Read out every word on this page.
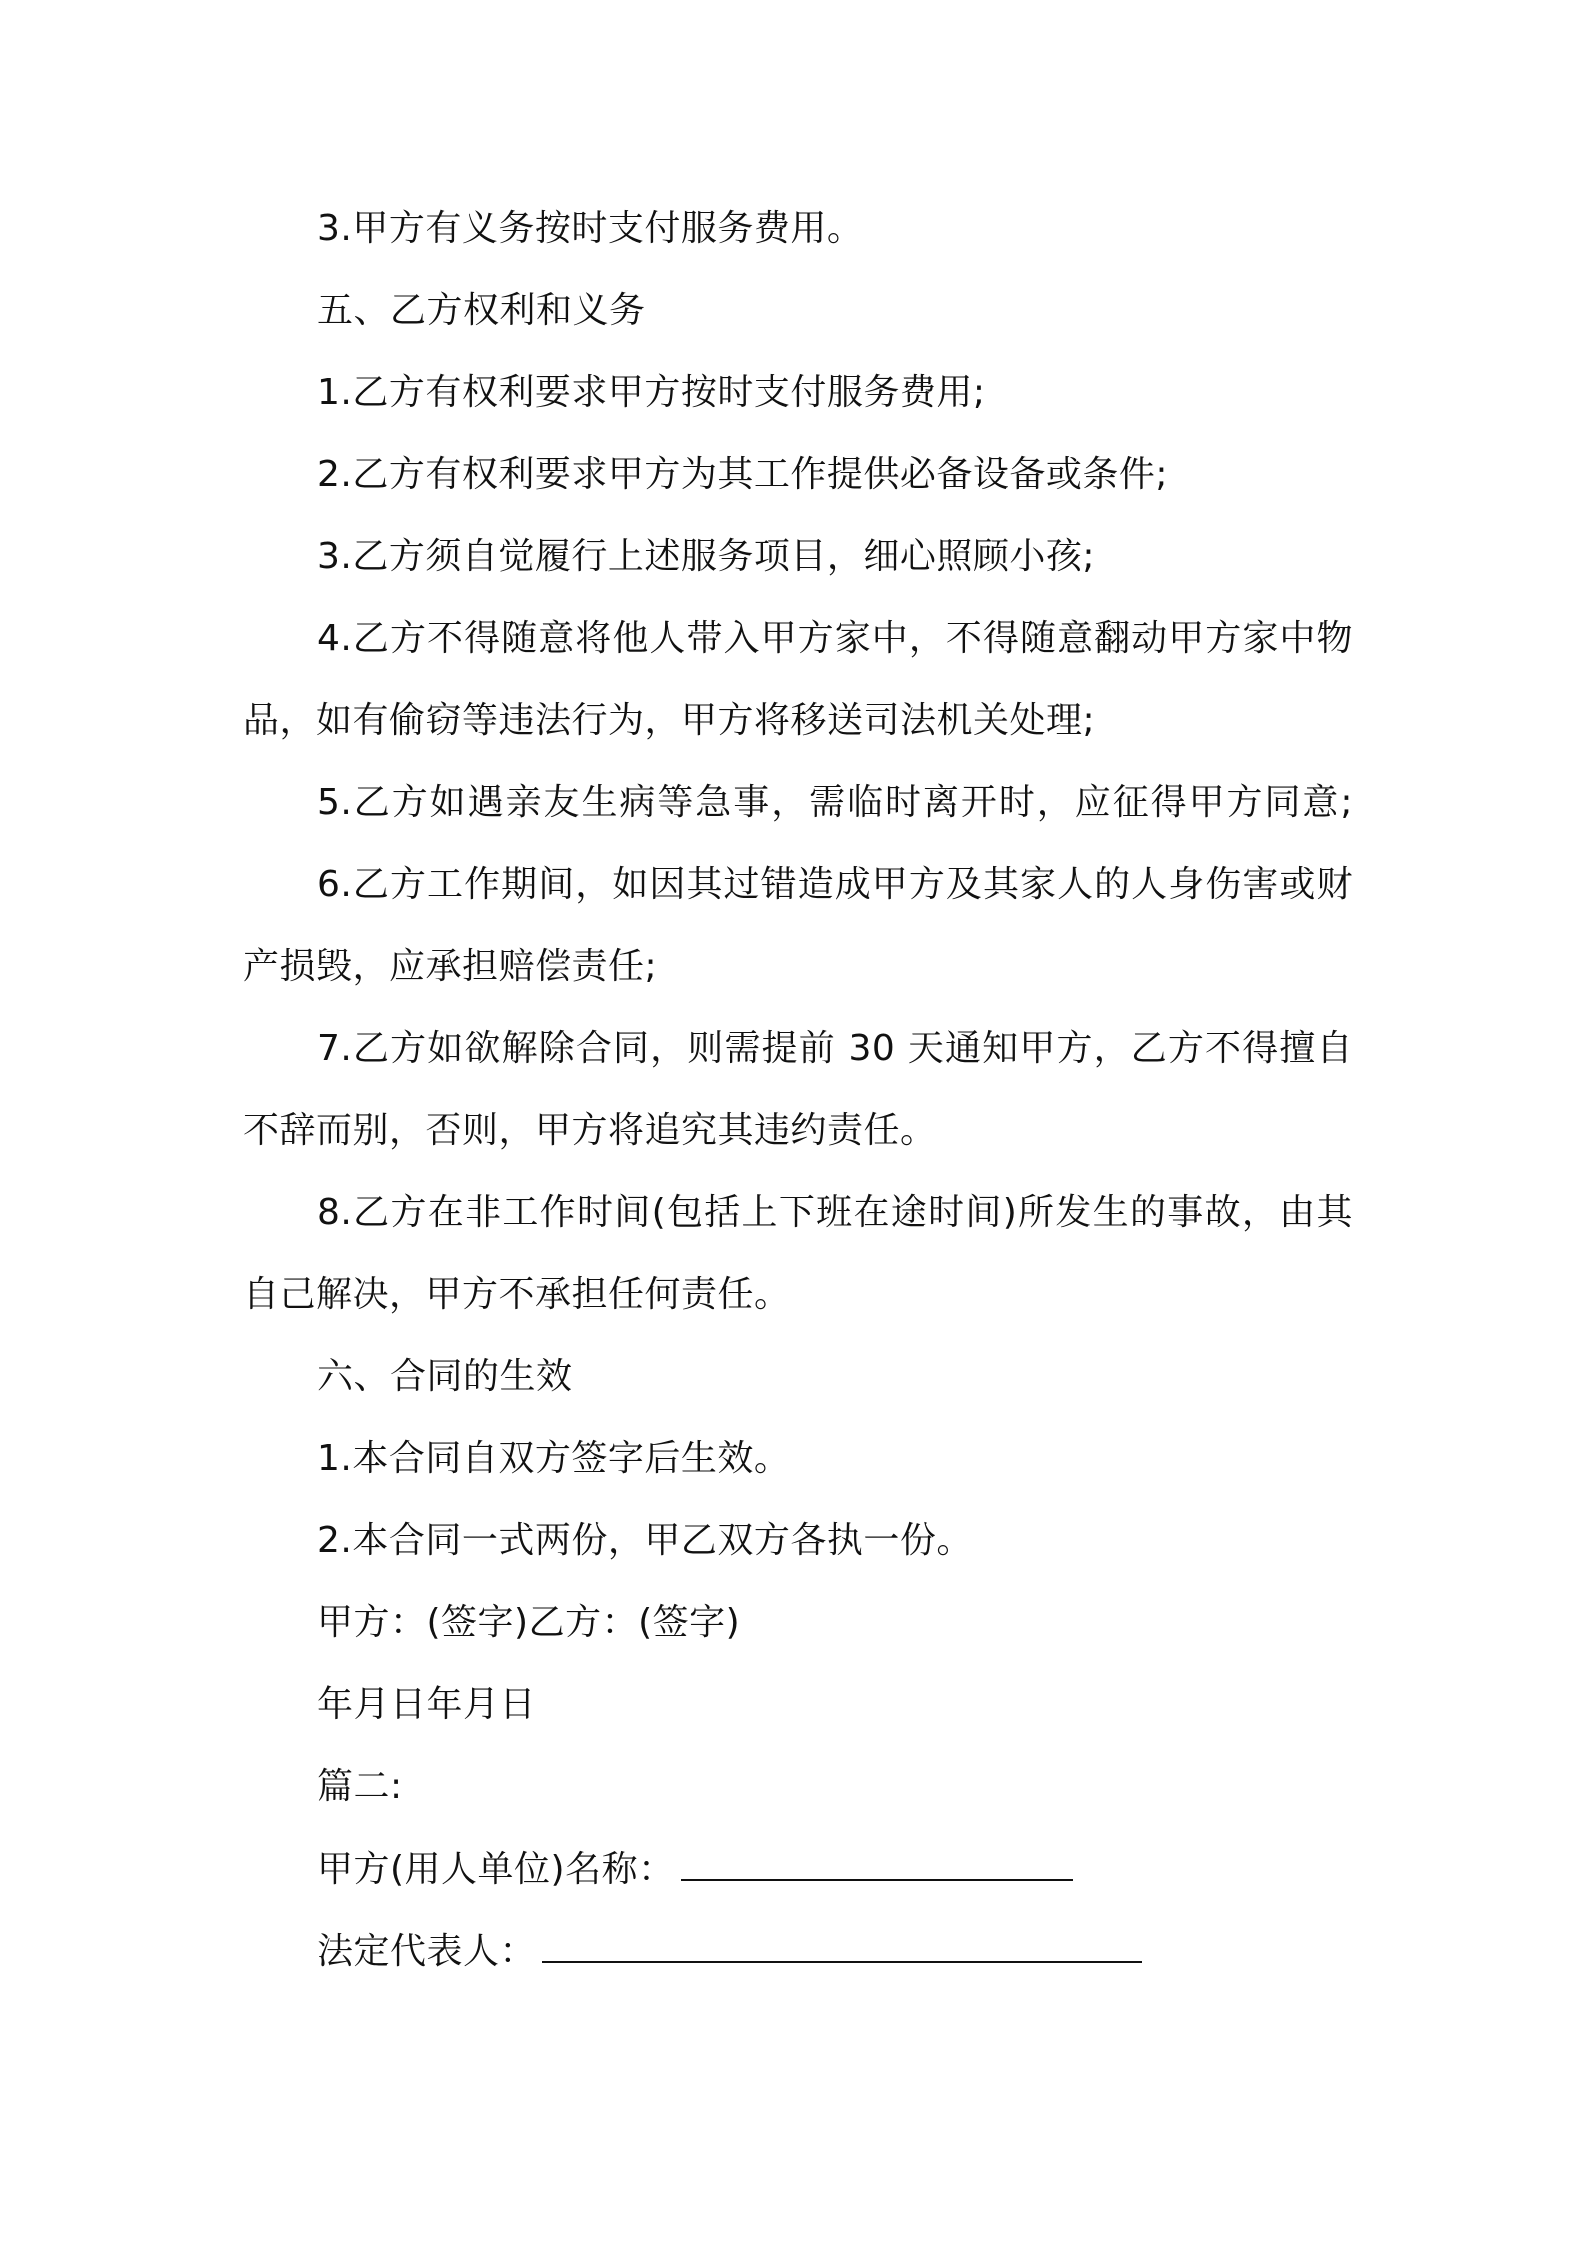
3.甲方有义务按时支付服务费用。
五、乙方权利和义务
1.乙方有权利要求甲方按时支付服务费用;
2.乙方有权利要求甲方为其工作提供必备设备或条件;
3.乙方须自觉履行上述服务项目，细心照顾小孩;
4.乙方不得随意将他人带入甲方家中，不得随意翻动甲方家中物
品，如有偷窃等违法行为，甲方将移送司法机关处理;
5.乙方如遇亲友生病等急事，需临时离开时，应征得甲方同意;
6.乙方工作期间，如因其过错造成甲方及其家人的人身伤害或财
产损毁，应承担赔偿责任;
7.乙方如欲解除合同，则需提前 30 天通知甲方，乙方不得擅自
不辞而别，否则，甲方将追究其违约责任。
8.乙方在非工作时间(包括上下班在途时间)所发生的事故，由其
自己解决，甲方不承担任何责任。
六、合同的生效
1.本合同自双方签字后生效。
2.本合同一式两份，甲乙双方各执一份。
甲方：(签字)乙方：(签字)
年月日年月日
篇二:
甲方(用人单位)名称：
法定代表人：
